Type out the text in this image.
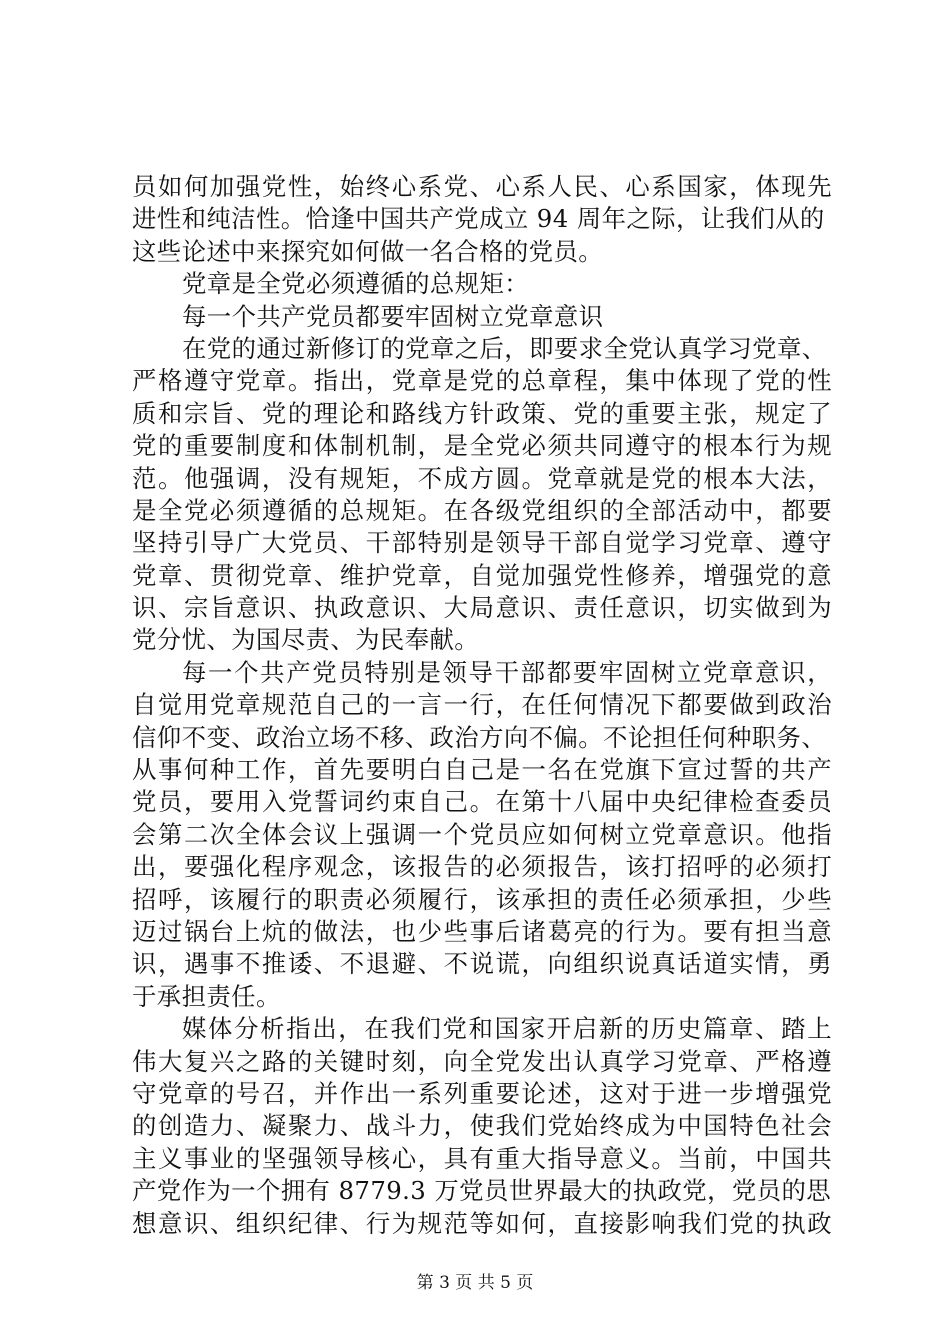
员如何加强党性，始终心系党、心系人民、心系国家，体现先
进性和纯洁性。恰逢中国共产党成立 94 周年之际，让我们从的
这些论述中来探究如何做一名合格的党员。
党章是全党必须遵循的总规矩：
每一个共产党员都要牢固树立党章意识
在党的通过新修订的党章之后，即要求全党认真学习党章、
严格遵守党章。指出，党章是党的总章程，集中体现了党的性
质和宗旨、党的理论和路线方针政策、党的重要主张，规定了
党的重要制度和体制机制，是全党必须共同遵守的根本行为规
范。他强调，没有规矩，不成方圆。党章就是党的根本大法，
是全党必须遵循的总规矩。在各级党组织的全部活动中，都要
坚持引导广大党员、干部特别是领导干部自觉学习党章、遵守
党章、贯彻党章、维护党章，自觉加强党性修养，增强党的意
识、宗旨意识、执政意识、大局意识、责任意识，切实做到为
党分忧、为国尽责、为民奉献。
每一个共产党员特别是领导干部都要牢固树立党章意识，
自觉用党章规范自己的一言一行，在任何情况下都要做到政治
信仰不变、政治立场不移、政治方向不偏。不论担任何种职务、
从事何种工作，首先要明白自己是一名在党旗下宣过誓的共产
党员，要用入党誓词约束自己。在第十八届中央纪律检查委员
会第二次全体会议上强调一个党员应如何树立党章意识。他指
出，要强化程序观念，该报告的必须报告，该打招呼的必须打
招呼，该履行的职责必须履行，该承担的责任必须承担，少些
迈过锅台上炕的做法，也少些事后诸葛亮的行为。要有担当意
识，遇事不推诿、不退避、不说谎，向组织说真话道实情，勇
于承担责任。
媒体分析指出，在我们党和国家开启新的历史篇章、踏上
伟大复兴之路的关键时刻，向全党发出认真学习党章、严格遵
守党章的号召，并作出一系列重要论述，这对于进一步增强党
的创造力、凝聚力、战斗力，使我们党始终成为中国特色社会
主义事业的坚强领导核心，具有重大指导意义。当前，中国共
产党作为一个拥有 8779.3 万党员世界最大的执政党，党员的思
想意识、组织纪律、行为规范等如何，直接影响我们党的执政
第 3 页 共 5 页
